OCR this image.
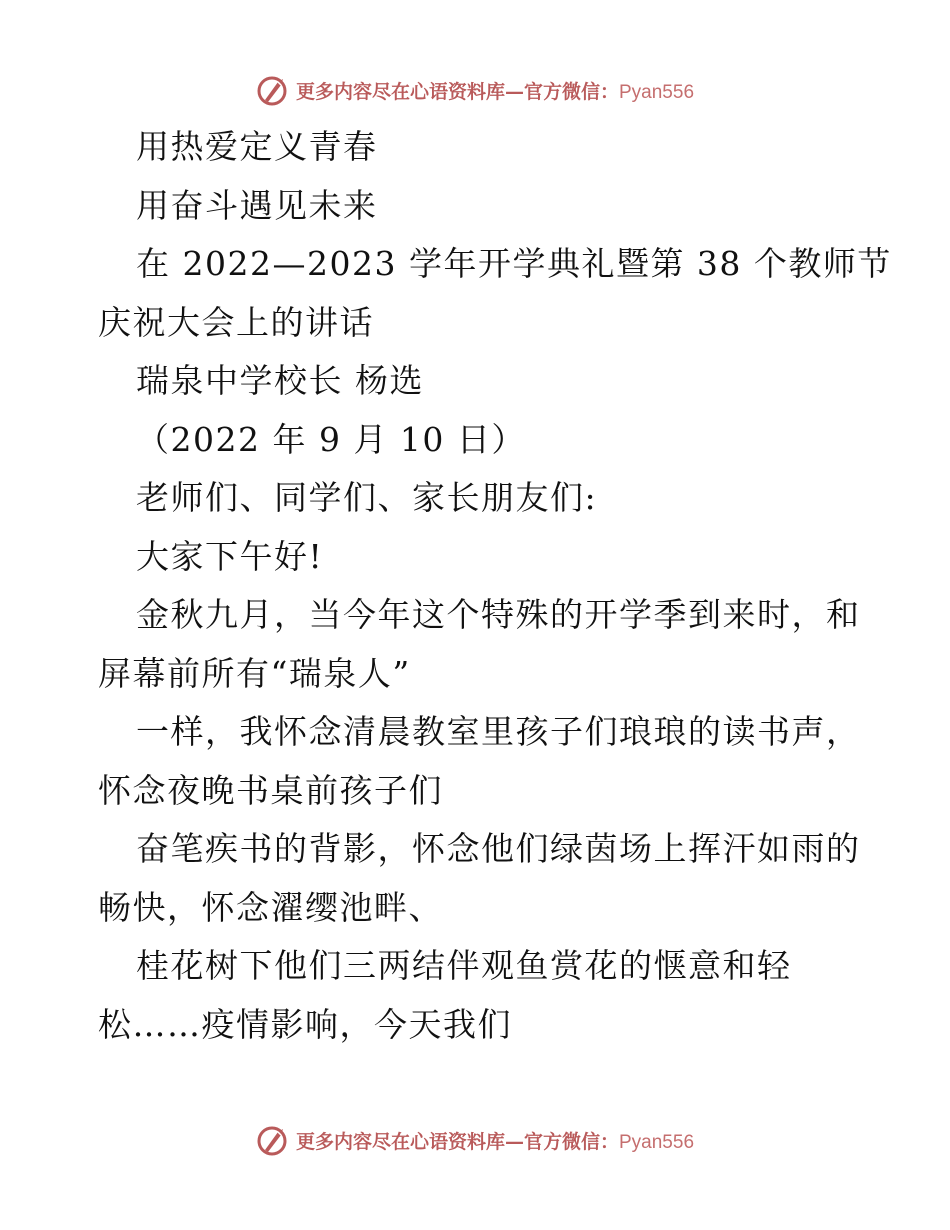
更多内容尽在心语资料库—官方微信：Pyan556
用热爱定义青春
用奋斗遇见未来
在 2022—2023 学年开学典礼暨第 38 个教师节
庆祝大会上的讲话
瑞泉中学校长 杨选
（2022 年 9 月 10 日）
老师们、同学们、家长朋友们:
大家下午好!
金秋九月，当今年这个特殊的开学季到来时，和
屏幕前所有“瑞泉人”
一样，我怀念清晨教室里孩子们琅琅的读书声，
怀念夜晚书桌前孩子们
奋笔疾书的背影，怀念他们绿茵场上挥汗如雨的
畅快，怀念濯缨池畔、
桂花树下他们三两结伴观鱼赏花的惬意和轻
松……疫情影响，今天我们
更多内容尽在心语资料库—官方微信：Pyan556
